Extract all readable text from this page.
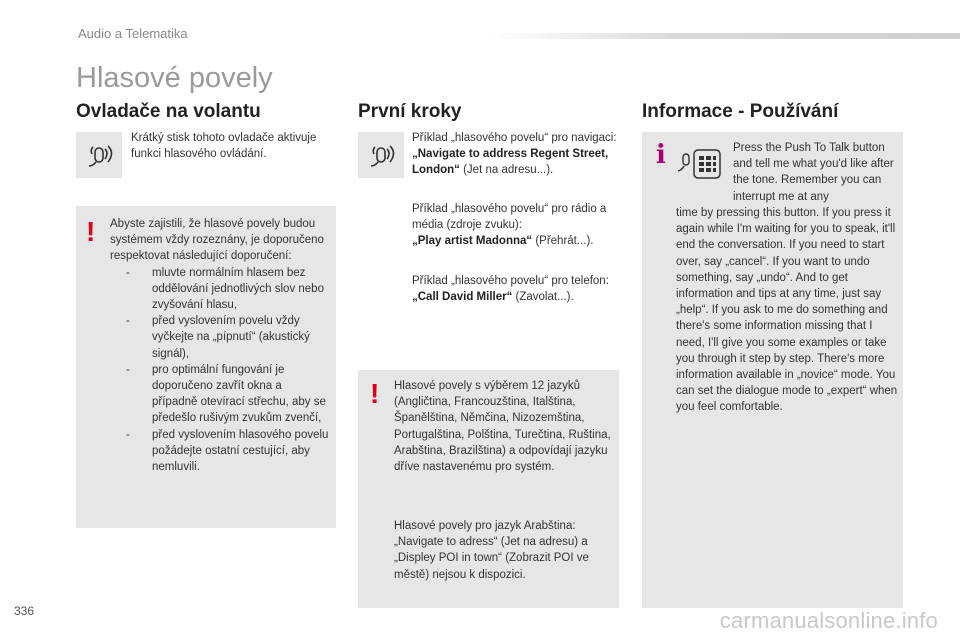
Audio a Telematika
Hlasové povely
Ovladače na volantu
Krátký stisk tohoto ovladače aktivuje funkci hlasového ovládání.
! Abyste zajistili, že hlasové povely budou systémem vždy rozeznány, je doporučeno respektovat následující doporučení:
- mluvte normálním hlasem bez oddělování jednotlivých slov nebo zvyšování hlasu,
- před vyslovením povelu vždy vyčkejte na „pípnutí“ (akustický signál),
- pro optimální fungování je doporučeno zavřít okna a případně otevírací střechu, aby se předešlo rušivým zvukům zvenčí,
- před vyslovením hlasového povelu požádejte ostatní cestující, aby nemluvili.
První kroky
Příklad „hlasového povelu“ pro navigaci:
„Navigate to address Regent Street, London“ (Jet na adresu...).
Příklad „hlasového povelu“ pro rádio a média (zdroje zvuku):
„Play artist Madonna“ (Přehrát...).
Příklad „hlasového povelu“ pro telefon:
„Call David Miller“ (Zavolat...).
! Hlasové povely s výběrem 12 jazyků (Angličtina, Francouzština, Italština, Španělština, Němčina, Nizozemština, Portugalština, Polština, Turečtina, Ruština, Arabština, Brazilština) a odpovídají jazyku dříve nastavenému pro systém.
Hlasové povely pro jazyk Arabština: „Navigate to adress“ (Jet na adresu) a „Displey POI in town“ (Zobrazit POI ve městě) nejsou k dispozici.
Informace - Používání
i	Press the Push To Talk button and tell me what you'd like after the tone. Remember you can interrupt me at any
time by pressing this button. If you press it again while I'm waiting for you to speak, it'll end the conversation. If you need to start over, say „cancel“. If you want to undo something, say „undo“. And to get information and tips at any time, just say „help“. If you ask to me do something and there's some information missing that I need, I'll give you some examples or take you through it step by step. There's more information available in „novice“ mode. You can set the dialogue mode to „expert“ when you feel comfortable.
336	carmanualsonline.info
